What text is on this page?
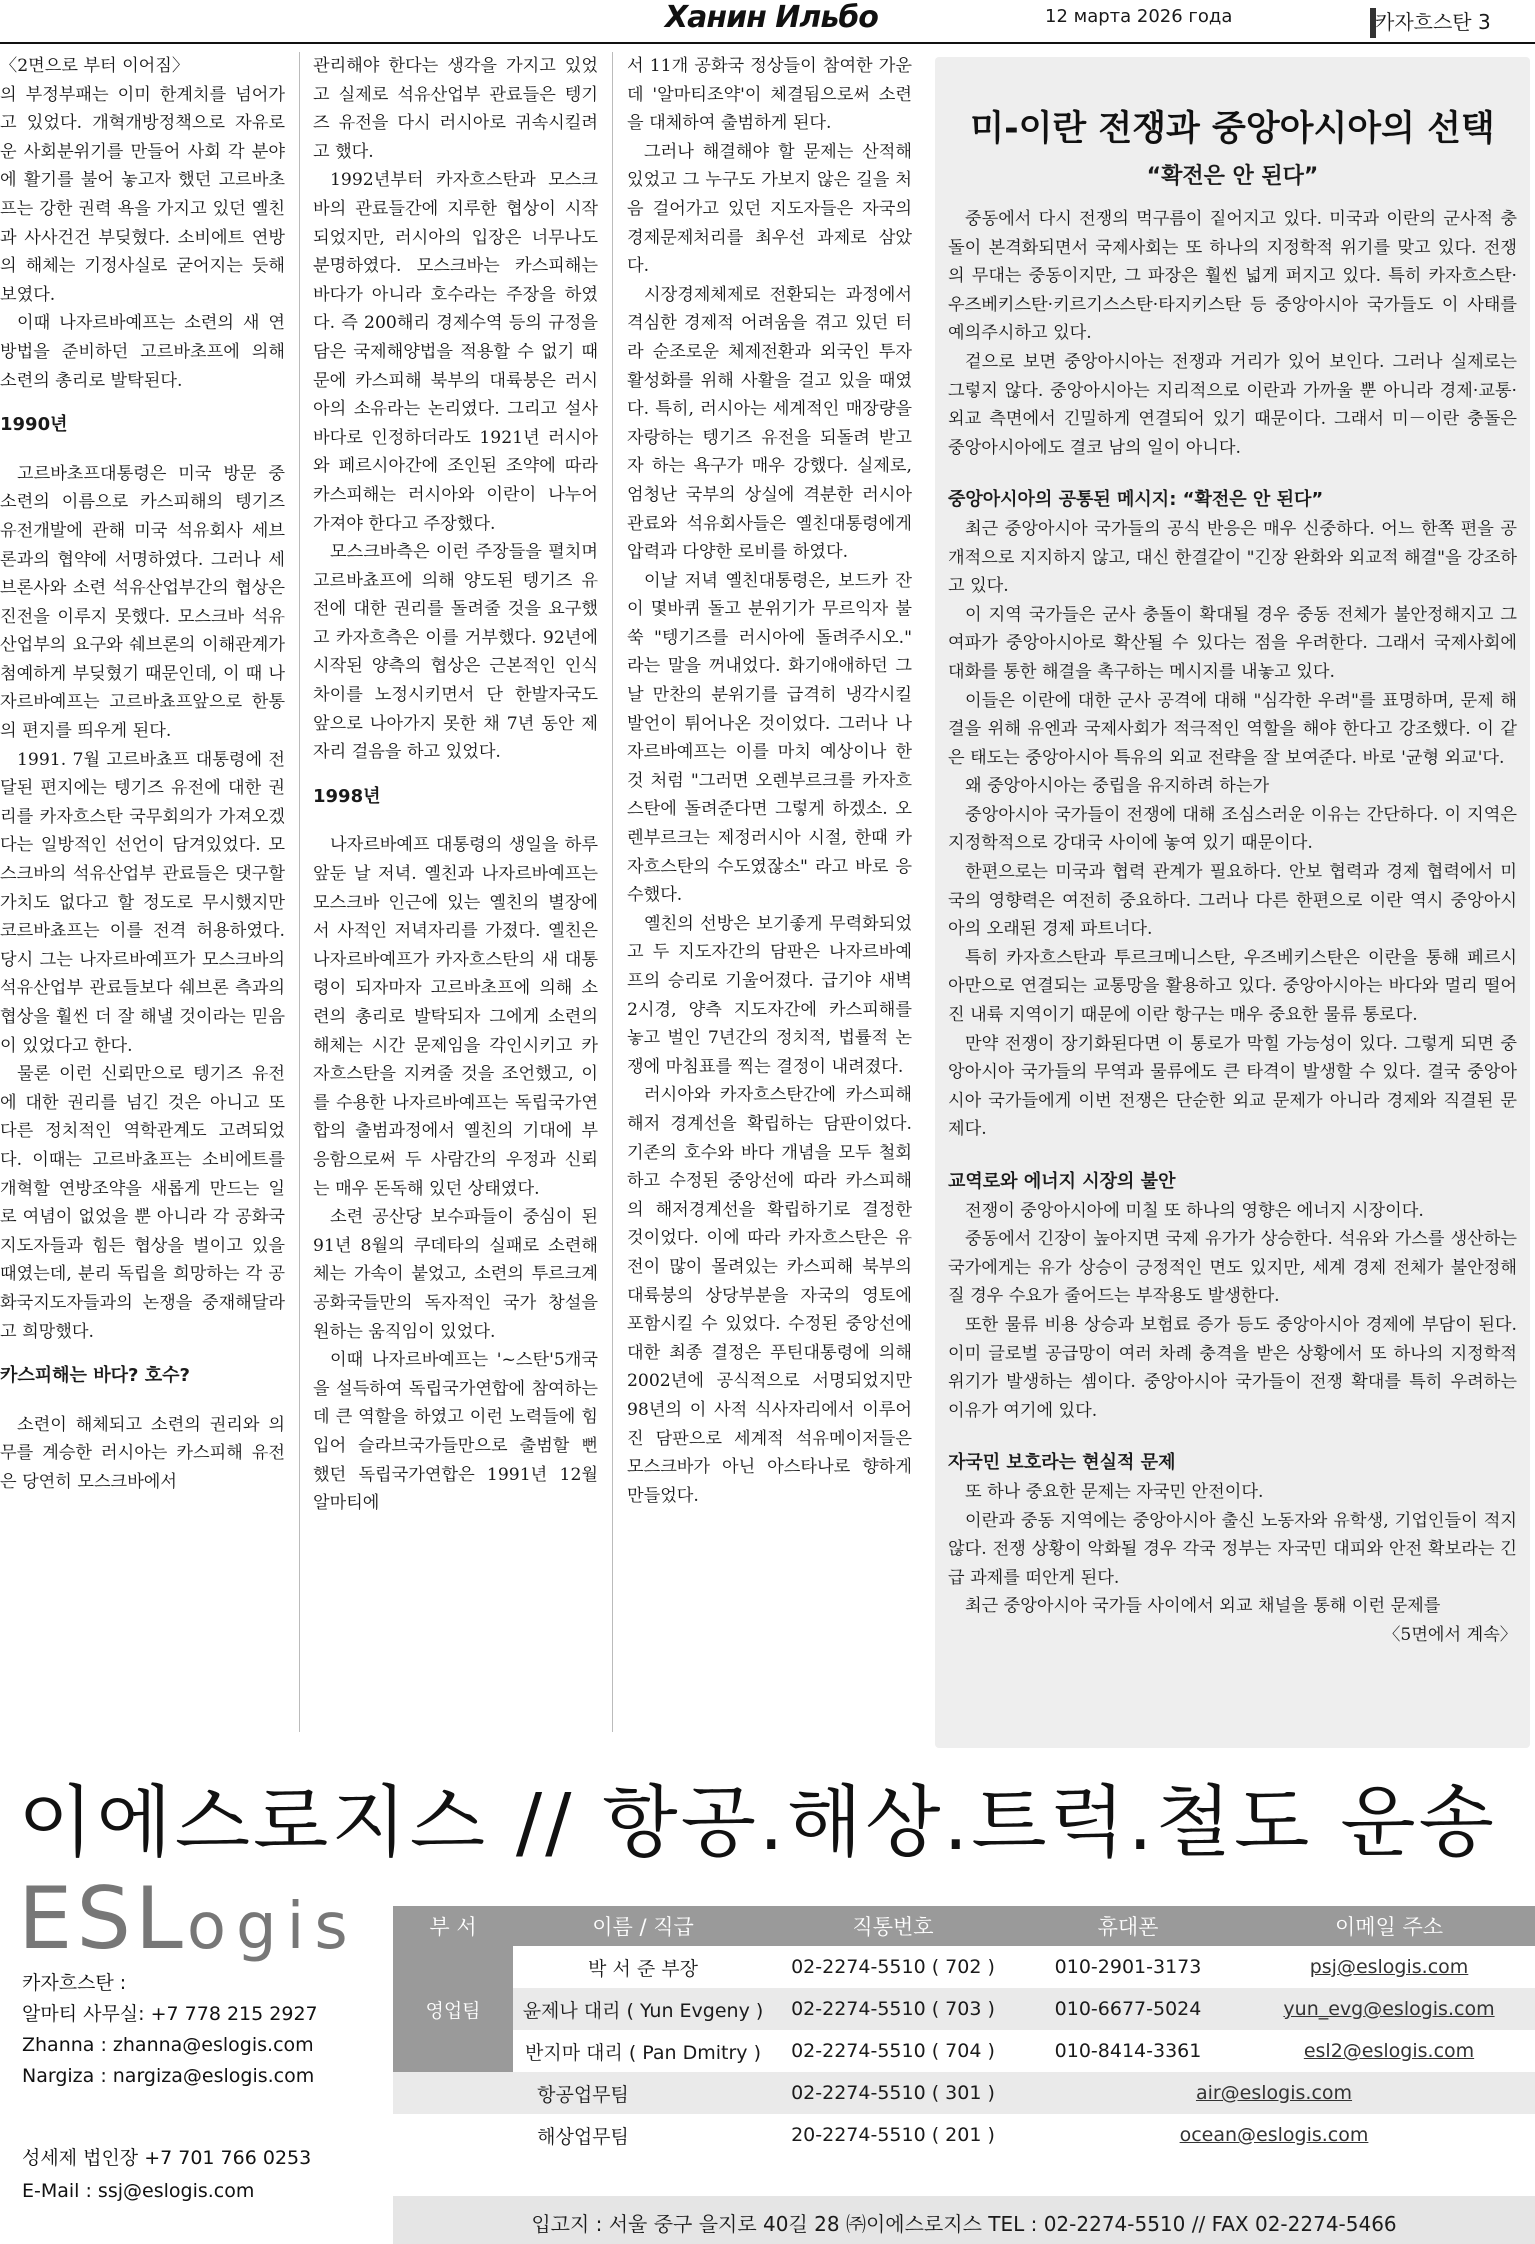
Ханин Ильбо	12 марта 2026 года	카자흐스탄 3

〈2면으로 부터 이어짐〉

의 부정부패는 이미 한계치를 넘어가고 있었다. 개혁개방정책으로 자유로운 사회분위기를 만들어 사회 각 분야에 활기를 불어 놓고자 했던 고르바초프는 강한 권력 욕을 가지고 있던 옐친과 사사건건 부딪혔다. 소비에트 연방의 해체는 기정사실로 굳어지는 듯해 보였다.

이때 나자르바예프는 소련의 새 연방법을 준비하던 고르바초프에 의해 소련의 총리로 발탁된다.

1990년

고르바초프대통령은 미국 방문 중 소련의 이름으로 카스피해의 텡기즈 유전개발에 관해 미국 석유회사 세브론과의 협약에 서명하였다. 그러나 세브론사와 소련 석유산업부간의 협상은 진전을 이루지 못했다. 모스크바 석유산업부의 요구와 쉐브론의 이해관계가 첨예하게 부딪혔기 때문인데, 이 때 나자르바예프는 고르바쵸프앞으로 한통의 편지를 띄우게 된다.

1991. 7월 고르바쵸프 대통령에 전달된 편지에는 텡기즈 유전에 대한 권리를 카자흐스탄 국무회의가 가져오겠다는 일방적인 선언이 담겨있었다. 모스크바의 석유산업부 관료들은 댓구할 가치도 없다고 할 정도로 무시했지만 코르바쵸프는 이를 전격 허용하였다. 당시 그는 나자르바예프가 모스크바의 석유산업부 관료들보다 쉐브론 측과의 협상을 훨씬 더 잘 해낼 것이라는 믿음이 있었다고 한다.

물론 이런 신뢰만으로 텡기즈 유전에 대한 권리를 넘긴 것은 아니고 또 다른 정치적인 역학관계도 고려되었다. 이때는 고르바쵸프는 소비에트를 개혁할 연방조약을 새롭게 만드는 일로 여념이 없었을 뿐 아니라 각 공화국 지도자들과 힘든 협상을 벌이고 있을 때였는데, 분리 독립을 희망하는 각 공화국지도자들과의 논쟁을 중재해달라고 희망했다.

카스피해는 바다? 호수?

소련이 해체되고 소련의 권리와 의무를 계승한 러시아는 카스피해 유전은 당연히 모스크바에서

관리해야 한다는 생각을 가지고 있었고 실제로 석유산업부 관료들은 텡기즈 유전을 다시 러시아로 귀속시킬려고 했다.

1992년부터 카자흐스탄과 모스크바의 관료들간에 지루한 협상이 시작되었지만, 러시아의 입장은 너무나도 분명하였다. 모스크바는 카스피해는 바다가 아니라 호수라는 주장을 하였다. 즉 200해리 경제수역 등의 규정을 담은 국제해양법을 적용할 수 없기 때문에 카스피해 북부의 대륙붕은 러시아의 소유라는 논리였다. 그리고 설사 바다로 인정하더라도 1921년 러시아와 페르시아간에 조인된 조약에 따라 카스피해는 러시아와 이란이 나누어 가져야 한다고 주장했다.

모스크바측은 이런 주장들을 펼치며 고르바쵸프에 의해 양도된 텡기즈 유전에 대한 권리를 돌려줄 것을 요구했고 카자흐측은 이를 거부했다. 92년에 시작된 양측의 협상은 근본적인 인식 차이를 노정시키면서 단 한발자국도 앞으로 나아가지 못한 채 7년 동안 제자리 걸음을 하고 있었다.

1998년

나자르바예프 대통령의 생일을 하루 앞둔 날 저녁. 옐친과 나자르바예프는 모스크바 인근에 있는 옐친의 별장에서 사적인 저녁자리를 가졌다. 옐친은 나자르바예프가 카자흐스탄의 새 대통령이 되자마자 고르바초프에 의해 소련의 총리로 발탁되자 그에게 소련의 해체는 시간 문제임을 각인시키고 카자흐스탄을 지켜줄 것을 조언했고, 이를 수용한 나자르바예프는 독립국가연합의 출범과정에서 옐친의 기대에 부응함으로써 두 사람간의 우정과 신뢰는 매우 돈독해 있던 상태였다.

소련 공산당 보수파들이 중심이 된 91년 8월의 쿠데타의 실패로 소련해체는 가속이 붙었고, 소련의 투르크계 공화국들만의 독자적인 국가 창설을 원하는 움직임이 있었다.

이때 나자르바예프는 '~스탄'5개국을 설득하여 독립국가연합에 참여하는데 큰 역할을 하였고 이런 노력들에 힘입어 슬라브국가들만으로 출범할 뻔 했던 독립국가연합은 1991년 12월 알마티에

서 11개 공화국 정상들이 참여한 가운데 '알마티조약'이 체결됨으로써 소련을 대체하여 출범하게 된다.

그러나 해결해야 할 문제는 산적해 있었고 그 누구도 가보지 않은 길을 처음 걸어가고 있던 지도자들은 자국의 경제문제처리를 최우선 과제로 삼았다.

시장경제체제로 전환되는 과정에서 격심한 경제적 어려움을 겪고 있던 터라 순조로운 체제전환과 외국인 투자활성화를 위해 사활을 걸고 있을 때였다. 특히, 러시아는 세계적인 매장량을 자랑하는 텡기즈 유전을 되돌려 받고자 하는 욕구가 매우 강했다. 실제로, 엄청난 국부의 상실에 격분한 러시아 관료와 석유회사들은 옐친대통령에게 압력과 다양한 로비를 하였다.

이날 저녁 옐친대통령은, 보드카 잔이 몇바퀴 돌고 분위기가 무르익자 불쑥 "텡기즈를 러시아에 돌려주시오." 라는 말을 꺼내었다. 화기애애하던 그날 만찬의 분위기를 급격히 냉각시킬 발언이 튀어나온 것이었다. 그러나 나자르바예프는 이를 마치 예상이나 한 것 처럼 "그러면 오렌부르크를 카자흐스탄에 돌려준다면 그렇게 하겠소. 오렌부르크는 제정러시아 시절, 한때 카자흐스탄의 수도였잖소" 라고 바로 응수했다.

옐친의 선방은 보기좋게 무력화되었고 두 지도자간의 담판은 나자르바예프의 승리로 기울어졌다. 급기야 새벽 2시경, 양측 지도자간에 카스피해를 놓고 벌인 7년간의 정치적, 법률적 논쟁에 마침표를 찍는 결정이 내려졌다.

러시아와 카자흐스탄간에 카스피해 해저 경계선을 확립하는 담판이었다. 기존의 호수와 바다 개념을 모두 철회하고 수정된 중앙선에 따라 카스피해의 해저경계선을 확립하기로 결정한 것이었다. 이에 따라 카자흐스탄은 유전이 많이 몰려있는 카스피해 북부의 대륙붕의 상당부분을 자국의 영토에 포함시킬 수 있었다. 수정된 중앙선에 대한 최종 결정은 푸틴대통령에 의해 2002년에 공식적으로 서명되었지만 98년의 이 사적 식사자리에서 이루어진 담판으로 세계적 석유메이저들은 모스크바가 아닌 아스타나로 향하게 만들었다.

미-이란 전쟁과 중앙아시아의 선택
“확전은 안 된다”

중동에서 다시 전쟁의 먹구름이 짙어지고 있다. 미국과 이란의 군사적 충돌이 본격화되면서 국제사회는 또 하나의 지정학적 위기를 맞고 있다. 전쟁의 무대는 중동이지만, 그 파장은 훨씬 넓게 퍼지고 있다. 특히 카자흐스탄·우즈베키스탄·키르기스스탄·타지키스탄 등 중앙아시아 국가들도 이 사태를 예의주시하고 있다.

겉으로 보면 중앙아시아는 전쟁과 거리가 있어 보인다. 그러나 실제로는 그렇지 않다. 중앙아시아는 지리적으로 이란과 가까울 뿐 아니라 경제·교통·외교 측면에서 긴밀하게 연결되어 있기 때문이다. 그래서 미－이란 충돌은 중앙아시아에도 결코 남의 일이 아니다.

중앙아시아의 공통된 메시지: “확전은 안 된다”

최근 중앙아시아 국가들의 공식 반응은 매우 신중하다. 어느 한쪽 편을 공개적으로 지지하지 않고, 대신 한결같이 "긴장 완화와 외교적 해결"을 강조하고 있다.

이 지역 국가들은 군사 충돌이 확대될 경우 중동 전체가 불안정해지고 그 여파가 중앙아시아로 확산될 수 있다는 점을 우려한다. 그래서 국제사회에 대화를 통한 해결을 촉구하는 메시지를 내놓고 있다.

이들은 이란에 대한 군사 공격에 대해 "심각한 우려"를 표명하며, 문제 해결을 위해 유엔과 국제사회가 적극적인 역할을 해야 한다고 강조했다. 이 같은 태도는 중앙아시아 특유의 외교 전략을 잘 보여준다. 바로 '균형 외교'다.

왜 중앙아시아는 중립을 유지하려 하는가

중앙아시아 국가들이 전쟁에 대해 조심스러운 이유는 간단하다. 이 지역은 지정학적으로 강대국 사이에 놓여 있기 때문이다.

한편으로는 미국과 협력 관계가 필요하다. 안보 협력과 경제 협력에서 미국의 영향력은 여전히 중요하다. 그러나 다른 한편으로 이란 역시 중앙아시아의 오래된 경제 파트너다.

특히 카자흐스탄과 투르크메니스탄, 우즈베키스탄은 이란을 통해 페르시아만으로 연결되는 교통망을 활용하고 있다. 중앙아시아는 바다와 멀리 떨어진 내륙 지역이기 때문에 이란 항구는 매우 중요한 물류 통로다.

만약 전쟁이 장기화된다면 이 통로가 막힐 가능성이 있다. 그렇게 되면 중앙아시아 국가들의 무역과 물류에도 큰 타격이 발생할 수 있다. 결국 중앙아시아 국가들에게 이번 전쟁은 단순한 외교 문제가 아니라 경제와 직결된 문제다.

교역로와 에너지 시장의 불안

전쟁이 중앙아시아에 미칠 또 하나의 영향은 에너지 시장이다.

중동에서 긴장이 높아지면 국제 유가가 상승한다. 석유와 가스를 생산하는 국가에게는 유가 상승이 긍정적인 면도 있지만, 세계 경제 전체가 불안정해질 경우 수요가 줄어드는 부작용도 발생한다.

또한 물류 비용 상승과 보험료 증가 등도 중앙아시아 경제에 부담이 된다. 이미 글로벌 공급망이 여러 차례 충격을 받은 상황에서 또 하나의 지정학적 위기가 발생하는 셈이다. 중앙아시아 국가들이 전쟁 확대를 특히 우려하는 이유가 여기에 있다.

자국민 보호라는 현실적 문제

또 하나 중요한 문제는 자국민 안전이다.

이란과 중동 지역에는 중앙아시아 출신 노동자와 유학생, 기업인들이 적지 않다. 전쟁 상황이 악화될 경우 각국 정부는 자국민 대피와 안전 확보라는 긴급 과제를 떠안게 된다.

최근 중앙아시아 국가들 사이에서 외교 채널을 통해 이런 문제를

〈5면에서 계속〉

이에스로지스 // 항공.해상.트럭.철도 운송
ESLogis
카자흐스탄 :
알마티 사무실: +7 778 215 2927
Zhanna : zhanna@eslogis.com
Nargiza : nargiza@eslogis.com
성세제 법인장 +7 701 766 0253
E-Mail : ssj@eslogis.com
부 서	이름 / 직급	직통번호	휴대폰	이메일 주소
영업팀	박 서 준 부장	02-2274-5510 ( 702 )	010-2901-3173	psj@eslogis.com
	윤제나 대리 ( Yun Evgeny )	02-2274-5510 ( 703 )	010-6677-5024	yun_evg@eslogis.com
	반지마 대리 ( Pan Dmitry )	02-2274-5510 ( 704 )	010-8414-3361	esl2@eslogis.com
항공업무팀		02-2274-5510 ( 301 )	air@eslogis.com	
해상업무팀		20-2274-5510 ( 201 )	ocean@eslogis.com	
입고지 : 서울 중구 을지로 40길 28 ㈜이에스로지스 TEL : 02-2274-5510 // FAX 02-2274-5466
